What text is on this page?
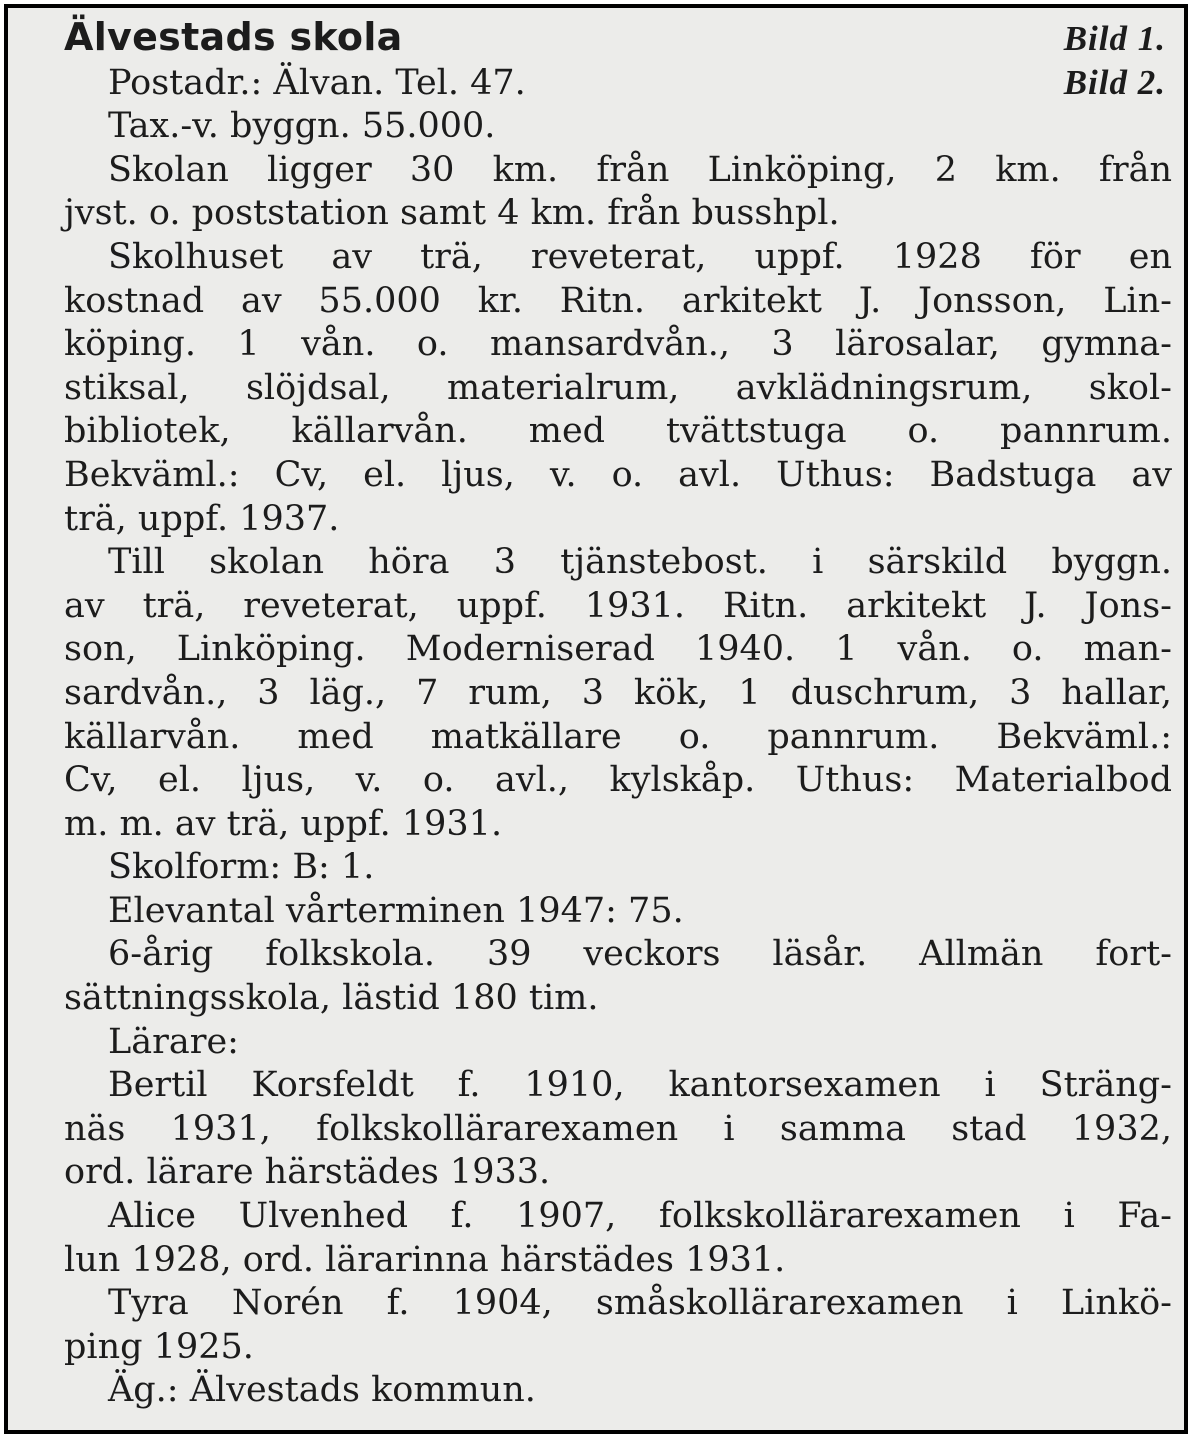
Älvestads skola	Bild 1.
Postadr.: Älvan. Tel. 47.	Bild 2.
Tax.-v. byggn. 55.000.
Skolan ligger 30 km. från Linköping, 2 km. från
jvst. o. poststation samt 4 km. från busshpl.
Skolhuset av trä, reveterat, uppf. 1928 för en
kostnad av 55.000 kr. Ritn. arkitekt J. Jonsson, Lin-
köping. 1 vån. o. mansardvån., 3 lärosalar, gymna-
stiksal, slöjdsal, materialrum, avklädningsrum, skol-
bibliotek, källarvån. med tvättstuga o. pannrum.
Bekväml.: Cv, el. ljus, v. o. avl. Uthus: Badstuga av
trä, uppf. 1937.
Till skolan höra 3 tjänstebost. i särskild byggn.
av trä, reveterat, uppf. 1931. Ritn. arkitekt J. Jons-
son, Linköping. Moderniserad 1940. 1 vån. o. man-
sardvån., 3 läg., 7 rum, 3 kök, 1 duschrum, 3 hallar,
källarvån. med matkällare o. pannrum. Bekväml.:
Cv, el. ljus, v. o. avl., kylskåp. Uthus: Materialbod
m. m. av trä, uppf. 1931.
Skolform: B: 1.
Elevantal vårterminen 1947: 75.
6-årig folkskola. 39 veckors läsår. Allmän fort-
sättningsskola, lästid 180 tim.
Lärare:
Bertil Korsfeldt f. 1910, kantorsexamen i Sträng-
näs 1931, folkskollärarexamen i samma stad 1932,
ord. lärare härstädes 1933.
Alice Ulvenhed f. 1907, folkskollärarexamen i Fa-
lun 1928, ord. lärarinna härstädes 1931.
Tyra Norén f. 1904, småskollärarexamen i Linkö-
ping 1925.
Äg.: Älvestads kommun.
